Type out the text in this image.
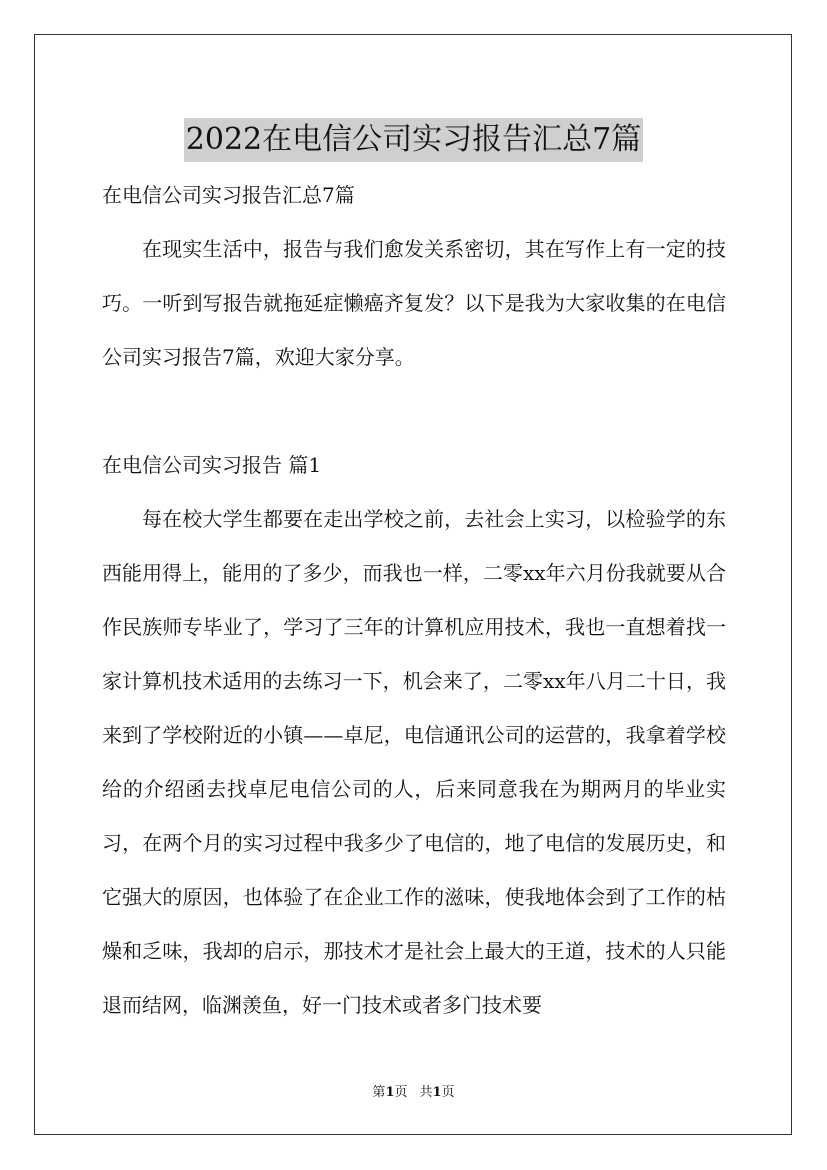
2022在电信公司实习报告汇总7篇

在电信公司实习报告汇总7篇

在现实生活中，报告与我们愈发关系密切，其在写作上有一定的技巧。一听到写报告就拖延症懒癌齐复发？以下是我为大家收集的在电信公司实习报告7篇，欢迎大家分享。

在电信公司实习报告 篇1

每在校大学生都要在走出学校之前，去社会上实习，以检验学的东西能用得上，能用的了多少，而我也一样，二零xx年六月份我就要从合作民族师专毕业了，学习了三年的计算机应用技术，我也一直想着找一家计算机技术适用的去练习一下，机会来了，二零xx年八月二十日，我来到了学校附近的小镇——卓尼，电信通讯公司的运营的，我拿着学校给的介绍函去找卓尼电信公司的人，后来同意我在为期两月的毕业实习，在两个月的实习过程中我多少了电信的，地了电信的发展历史，和它强大的原因，也体验了在企业工作的滋味，使我地体会到了工作的枯燥和乏味，我却的启示，那技术才是社会上最大的王道，技术的人只能退而结网，临渊羡鱼，好一门技术或者多门技术要

第1页 共1页
